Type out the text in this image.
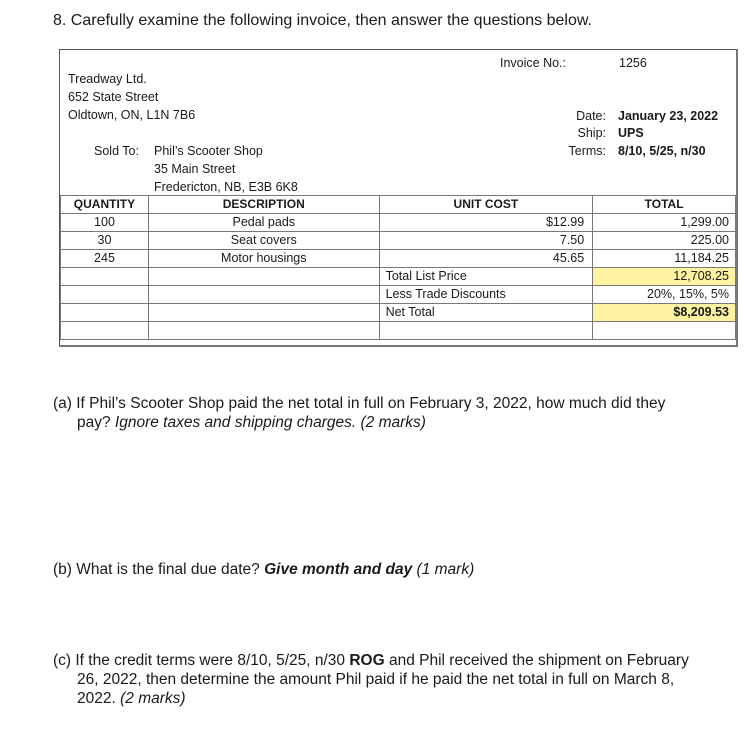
8. Carefully examine the following invoice, then answer the questions below.
Invoice No.:	1256
Treadway Ltd.
652 State Street
Oldtown, ON, L1N 7B6	Date: January 23, 2022
Ship: UPS
Terms: 8/10, 5/25, n/30
Sold To: Phil’s Scooter Shop
35 Main Street
Fredericton, NB, E3B 6K8
QUANTITY	DESCRIPTION	UNIT COST	TOTAL
100	Pedal pads	$12.99	1,299.00
30	Seat covers	7.50	225.00
245	Motor housings	45.65	11,184.25
		Total List Price	12,708.25
		Less Trade Discounts	20%, 15%, 5%
		Net Total	$8,209.53

(a) If Phil’s Scooter Shop paid the net total in full on February 3, 2022, how much did they
pay? Ignore taxes and shipping charges. (2 marks)
(b) What is the final due date? Give month and day (1 mark)
(c) If the credit terms were 8/10, 5/25, n/30 ROG and Phil received the shipment on February
26, 2022, then determine the amount Phil paid if he paid the net total in full on March 8,
2022. (2 marks)
